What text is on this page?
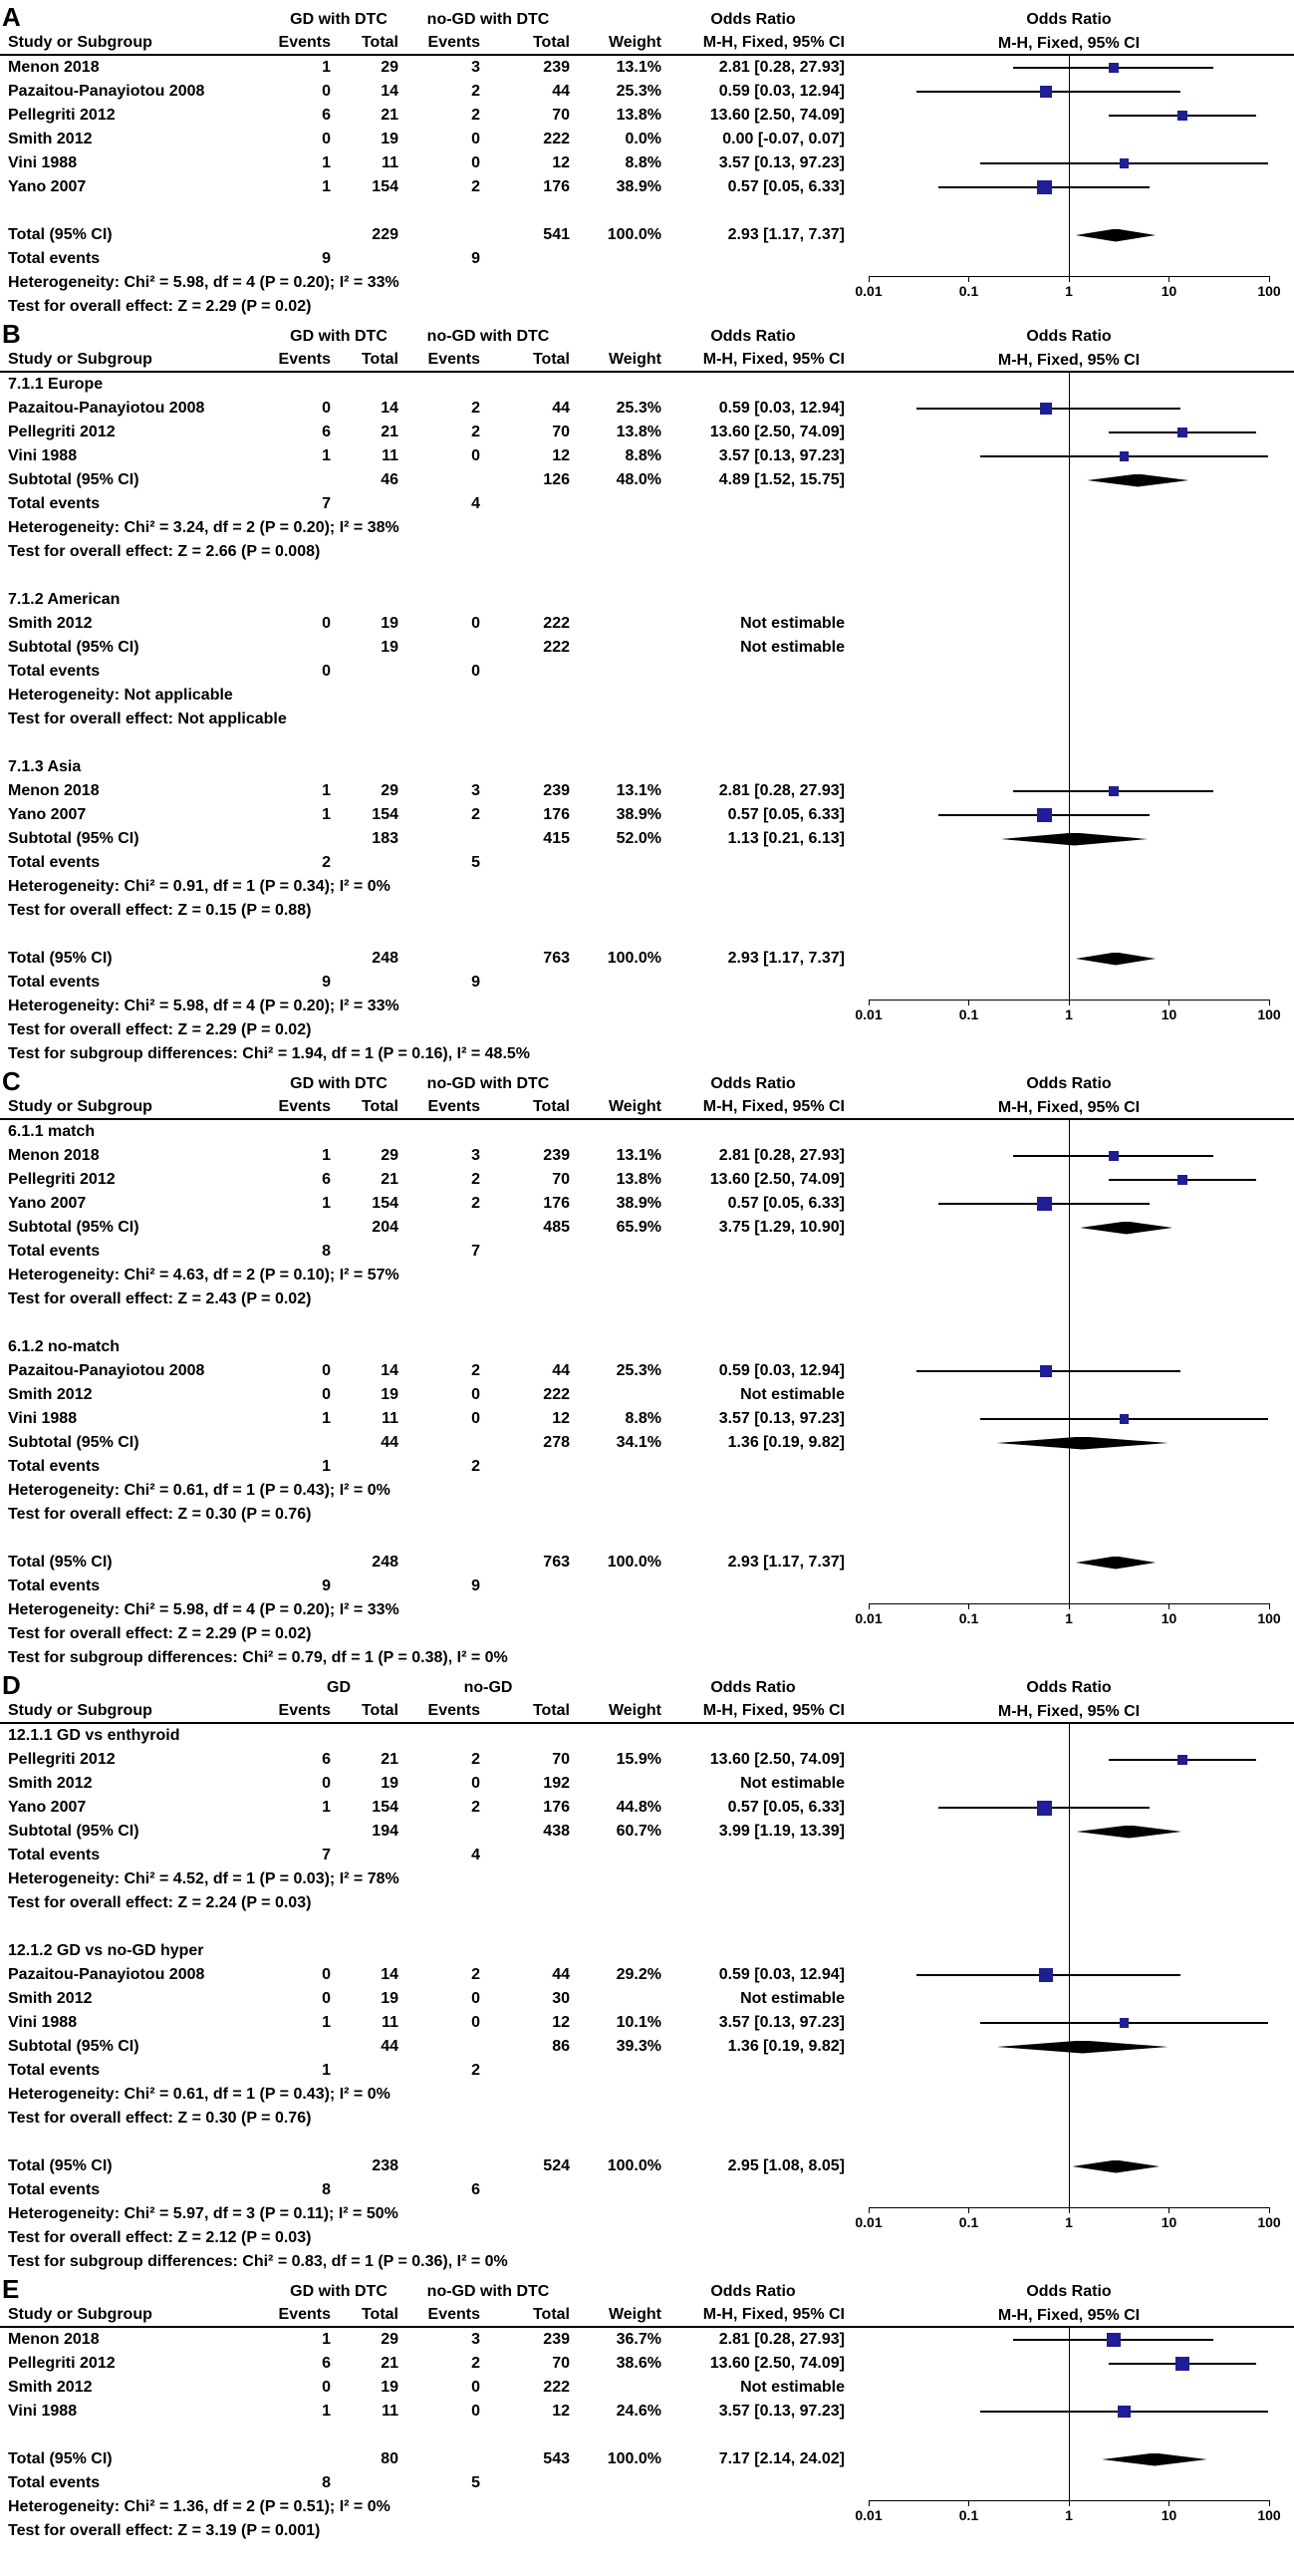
A	GD with DTC no-GD with DTC	Odds Ratio	Odds Ratio
Study or Subgroup	Events	Total	Events	Total	Weight	M-H, Fixed, 95% CI	M-H, Fixed, 95% CI
Menon 2018	1	29	3	239	13.1%	2.81 [0.28, 27.93]
Pazaitou-Panayiotou 2008	0	14	2	44	25.3%	0.59 [0.03, 12.94]
Pellegriti 2012	6	21	2	70	13.8%	13.60 [2.50, 74.09]
Smith 2012	0	19	0	222	0.0%	0.00 [-0.07, 0.07]
Vini 1988	1	11	0	12	8.8%	3.57 [0.13, 97.23]
Yano 2007	1	154	2	176	38.9%	0.57 [0.05, 6.33]
Total (95% CI)	229	541	100.0%	2.93 [1.17, 7.37]
Total events	9	9
Heterogeneity: Chi² = 5.98, df = 4 (P = 0.20); I² = 33%
Test for overall effect: Z = 2.29 (P = 0.02)
0.01	0.1	1	10	100
B	GD with DTC no-GD with DTC	Odds Ratio	Odds Ratio
Study or Subgroup	Events	Total	Events	Total	Weight	M-H, Fixed, 95% CI	M-H, Fixed, 95% CI
7.1.1 Europe
Pazaitou-Panayiotou 2008	0	14	2	44	25.3%	0.59 [0.03, 12.94]
Pellegriti 2012	6	21	2	70	13.8%	13.60 [2.50, 74.09]
Vini 1988	1	11	0	12	8.8%	3.57 [0.13, 97.23]
Subtotal (95% CI)	46	126	48.0%	4.89 [1.52, 15.75]
Total events	7	4
Heterogeneity: Chi² = 3.24, df = 2 (P = 0.20); I² = 38%
Test for overall effect: Z = 2.66 (P = 0.008)
7.1.2 American
Smith 2012	0	19	0	222	Not estimable
Subtotal (95% CI)	19	222	Not estimable
Total events	0	0
Heterogeneity: Not applicable
Test for overall effect: Not applicable
7.1.3 Asia
Menon 2018	1	29	3	239	13.1%	2.81 [0.28, 27.93]
Yano 2007	1	154	2	176	38.9%	0.57 [0.05, 6.33]
Subtotal (95% CI)	183	415	52.0%	1.13 [0.21, 6.13]
Total events	2	5
Heterogeneity: Chi² = 0.91, df = 1 (P = 0.34); I² = 0%
Test for overall effect: Z = 0.15 (P = 0.88)
Total (95% CI)	248	763	100.0%	2.93 [1.17, 7.37]
Total events	9	9
Heterogeneity: Chi² = 5.98, df = 4 (P = 0.20); I² = 33%
Test for overall effect: Z = 2.29 (P = 0.02)
Test for subgroup differences: Chi² = 1.94, df = 1 (P = 0.16), I² = 48.5%
0.01	0.1	1	10	100
C	GD with DTC no-GD with DTC	Odds Ratio	Odds Ratio
Study or Subgroup	Events	Total	Events	Total	Weight	M-H, Fixed, 95% CI	M-H, Fixed, 95% CI
6.1.1 match
Menon 2018	1	29	3	239	13.1%	2.81 [0.28, 27.93]
Pellegriti 2012	6	21	2	70	13.8%	13.60 [2.50, 74.09]
Yano 2007	1	154	2	176	38.9%	0.57 [0.05, 6.33]
Subtotal (95% CI)	204	485	65.9%	3.75 [1.29, 10.90]
Total events	8	7
Heterogeneity: Chi² = 4.63, df = 2 (P = 0.10); I² = 57%
Test for overall effect: Z = 2.43 (P = 0.02)
6.1.2 no-match
Pazaitou-Panayiotou 2008	0	14	2	44	25.3%	0.59 [0.03, 12.94]
Smith 2012	0	19	0	222	Not estimable
Vini 1988	1	11	0	12	8.8%	3.57 [0.13, 97.23]
Subtotal (95% CI)	44	278	34.1%	1.36 [0.19, 9.82]
Total events	1	2
Heterogeneity: Chi² = 0.61, df = 1 (P = 0.43); I² = 0%
Test for overall effect: Z = 0.30 (P = 0.76)
Total (95% CI)	248	763	100.0%	2.93 [1.17, 7.37]
Total events	9	9
Heterogeneity: Chi² = 5.98, df = 4 (P = 0.20); I² = 33%
Test for overall effect: Z = 2.29 (P = 0.02)
Test for subgroup differences: Chi² = 0.79, df = 1 (P = 0.38), I² = 0%
0.01	0.1	1	10	100
D	GD	no-GD	Odds Ratio	Odds Ratio
Study or Subgroup	Events	Total	Events	Total	Weight	M-H, Fixed, 95% CI	M-H, Fixed, 95% CI
12.1.1 GD vs enthyroid
Pellegriti 2012	6	21	2	70	15.9%	13.60 [2.50, 74.09]
Smith 2012	0	19	0	192	Not estimable
Yano 2007	1	154	2	176	44.8%	0.57 [0.05, 6.33]
Subtotal (95% CI)	194	438	60.7%	3.99 [1.19, 13.39]
Total events	7	4
Heterogeneity: Chi² = 4.52, df = 1 (P = 0.03); I² = 78%
Test for overall effect: Z = 2.24 (P = 0.03)
12.1.2 GD vs no-GD hyper
Pazaitou-Panayiotou 2008	0	14	2	44	29.2%	0.59 [0.03, 12.94]
Smith 2012	0	19	0	30	Not estimable
Vini 1988	1	11	0	12	10.1%	3.57 [0.13, 97.23]
Subtotal (95% CI)	44	86	39.3%	1.36 [0.19, 9.82]
Total events	1	2
Heterogeneity: Chi² = 0.61, df = 1 (P = 0.43); I² = 0%
Test for overall effect: Z = 0.30 (P = 0.76)
Total (95% CI)	238	524	100.0%	2.95 [1.08, 8.05]
Total events	8	6
Heterogeneity: Chi² = 5.97, df = 3 (P = 0.11); I² = 50%
Test for overall effect: Z = 2.12 (P = 0.03)
Test for subgroup differences: Chi² = 0.83, df = 1 (P = 0.36), I² = 0%
0.01	0.1	1	10	100
E	GD with DTC no-GD with DTC	Odds Ratio	Odds Ratio
Study or Subgroup	Events	Total	Events	Total	Weight	M-H, Fixed, 95% CI	M-H, Fixed, 95% CI
Menon 2018	1	29	3	239	36.7%	2.81 [0.28, 27.93]
Pellegriti 2012	6	21	2	70	38.6%	13.60 [2.50, 74.09]
Smith 2012	0	19	0	222	Not estimable
Vini 1988	1	11	0	12	24.6%	3.57 [0.13, 97.23]
Total (95% CI)	80	543	100.0%	7.17 [2.14, 24.02]
Total events	8	5
Heterogeneity: Chi² = 1.36, df = 2 (P = 0.51); I² = 0%
Test for overall effect: Z = 3.19 (P = 0.001)
0.01	0.1	1	10	100
